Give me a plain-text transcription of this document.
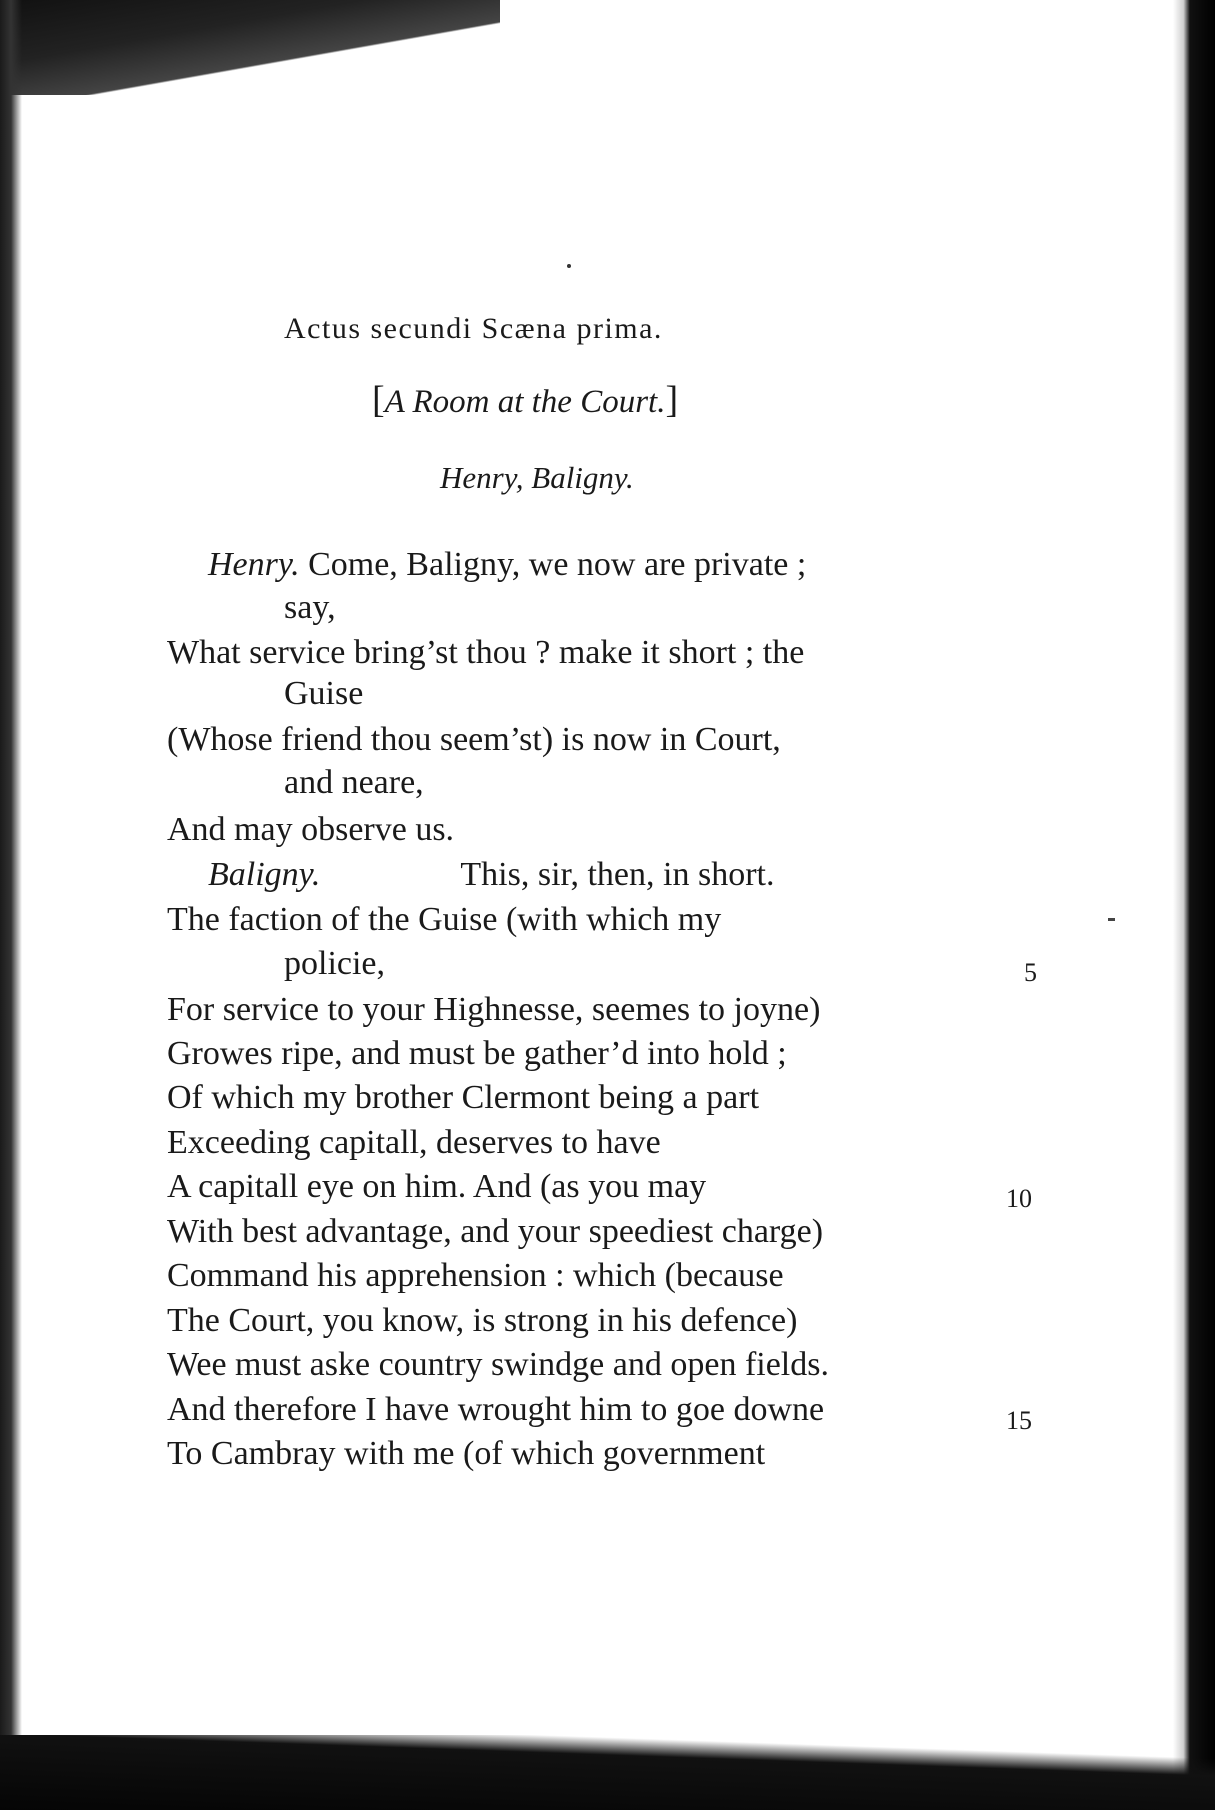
Actus secundi Scæna prima.
[A Room at the Court.]
Henry, Baligny.
Henry. Come, Baligny, we now are private ;
say,
What service bring’st thou ? make it short ; the
Guise
(Whose friend thou seem’st) is now in Court,
and neare,
And may observe us.
Baligny.	This, sir, then, in short.
The faction of the Guise (with which my
policie,
For service to your Highnesse, seemes to joyne)
Growes ripe, and must be gather’d into hold ;
Of which my brother Clermont being a part
Exceeding capitall, deserves to have
A capitall eye on him. And (as you may
With best advantage, and your speediest charge)
Command his apprehension : which (because
The Court, you know, is strong in his defence)
Wee must aske country swindge and open fields.
And therefore I have wrought him to goe downe
To Cambray with me (of which government
5
10
15
